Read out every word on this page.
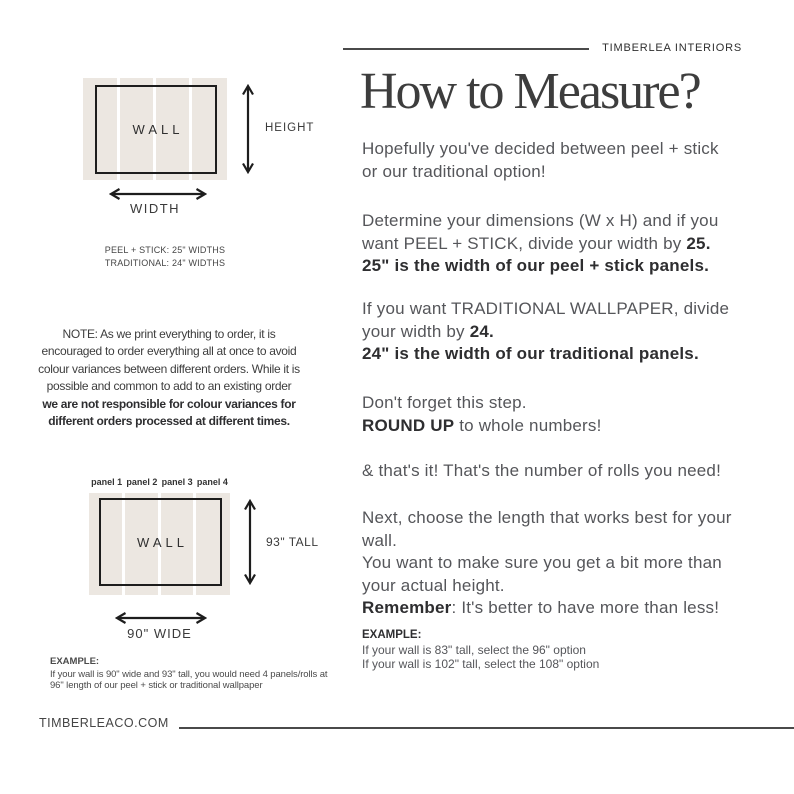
TIMBERLEA INTERIORS
How to Measure?
Hopefully you've decided between peel + stick
or our traditional option!
Determine your dimensions (W x H) and if you
want PEEL + STICK, divide your width by 25.
25" is the width of our peel + stick panels.
If you want TRADITIONAL WALLPAPER, divide
your width by 24.
24" is the width of our traditional panels.
Don't forget this step.
ROUND UP to whole numbers!
& that's it! That's the number of rolls you need!
Next, choose the length that works best for your
wall.
You want to make sure you get a bit more than
your actual height.
Remember: It's better to have more than less!
EXAMPLE:
If your wall is 83" tall, select the 96" option
If your wall is 102" tall, select the 108" option
WALL	HEIGHT
WIDTH
PEEL + STICK: 25" WIDTHS
TRADITIONAL: 24" WIDTHS
NOTE: As we print everything to order, it is
encouraged to order everything all at once to avoid
colour variances between different orders. While it is
possible and common to add to an existing order
we are not responsible for colour variances for
different orders processed at different times.
panel 1 panel 2 panel 3 panel 4
WALL	93" TALL
90" WIDE
EXAMPLE:
If your wall is 90" wide and 93" tall, you would need 4 panels/rolls at
96" length of our peel + stick or traditional wallpaper
TIMBERLEACO.COM
